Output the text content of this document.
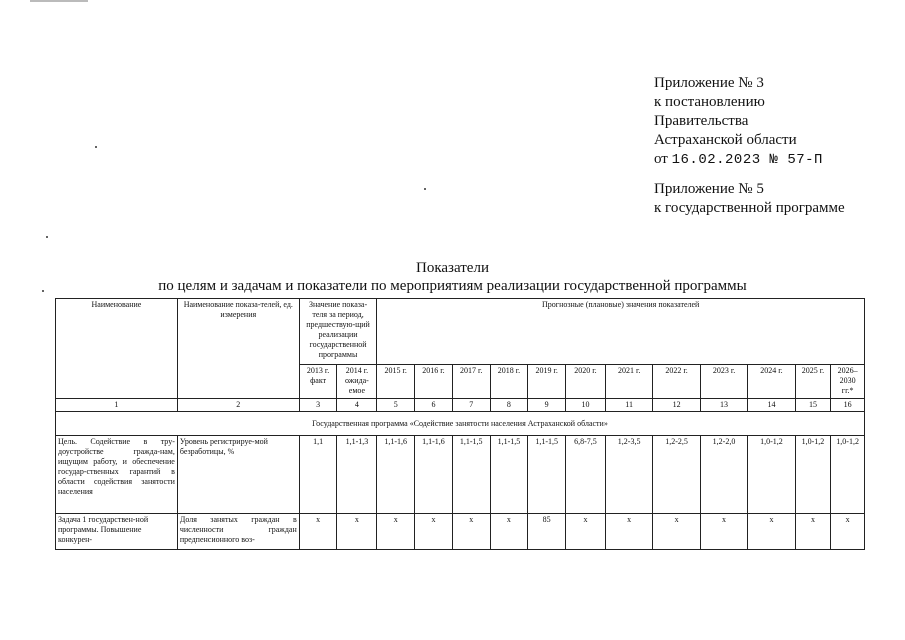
Приложение № 3
к постановлению
Правительства
Астраханской области
от 16.02.2023 № 57-П
Приложение № 5
к государственной программе
Показатели
по целям и задачам и показатели по мероприятиям реализации государственной программы
Наименование	Наименование показа-телей, ед. измерения	Значение показа-теля за период, предшествую-щий реализации государственной программы		Прогнозные (плановые) значения показателей											
		2013 г. факт	2014 г. ожида-емое	2015 г.	2016 г.	2017 г.	2018 г.	2019 г.	2020 г.	2021 г.	2022 г.	2023 г.	2024 г.	2025 г.	2026–2030 гг.*
1	2	3	4	5	6	7	8	9	10	11	12	13	14	15	16
Государственная программа «Содействие занятости населения Астраханской области»															
Цель. Содействие в тру-доустройстве граждa-нам, ищущим работу, и обеспечение государ-ственных гарантий в области содействия занятости населения	Уровень регистрируе-мой безработицы, %	1,1	1,1-1,3	1,1-1,6	1,1-1,6	1,1-1,5	1,1-1,5	1,1-1,5	6,8-7,5	1,2-3,5	1,2-2,5	1,2-2,0	1,0-1,2	1,0-1,2	1,0-1,2
Задача 1 государствен-ной программы. Повышение конкурен-	Доля занятых граждан в численности граждан предпенсионного воз-	x	x	x	x	x	x	85	x	x	x	x	x	x	x
